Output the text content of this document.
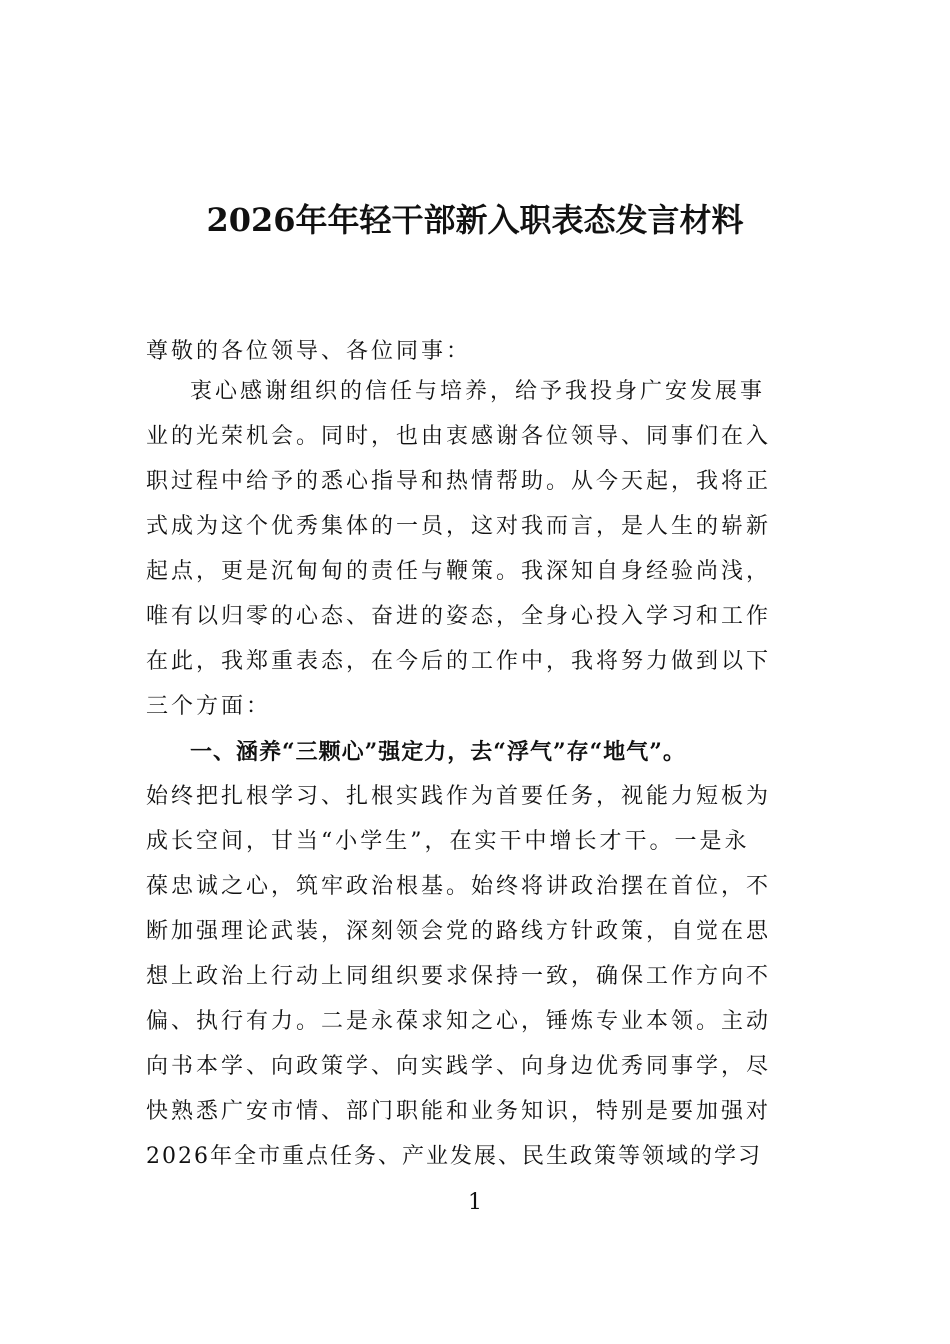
2026年年轻干部新入职表态发言材料
尊敬的各位领导、各位同事：
衷心感谢组织的信任与培养，给予我投身广安发展事
业的光荣机会。同时，也由衷感谢各位领导、同事们在入
职过程中给予的悉心指导和热情帮助。从今天起，我将正
式成为这个优秀集体的一员，这对我而言，是人生的崭新
起点，更是沉甸甸的责任与鞭策。我深知自身经验尚浅，
唯有以归零的心态、奋进的姿态，全身心投入学习和工作
在此，我郑重表态，在今后的工作中，我将努力做到以下
三个方面：
一、涵养“三颗心”强定力，去“浮气”存“地气”。
始终把扎根学习、扎根实践作为首要任务，视能力短板为
成长空间，甘当“小学生”，在实干中增长才干。一是永
葆忠诚之心，筑牢政治根基。始终将讲政治摆在首位，不
断加强理论武装，深刻领会党的路线方针政策，自觉在思
想上政治上行动上同组织要求保持一致，确保工作方向不
偏、执行有力。二是永葆求知之心，锤炼专业本领。主动
向书本学、向政策学、向实践学、向身边优秀同事学，尽
快熟悉广安市情、部门职能和业务知识，特别是要加强对
2026年全市重点任务、产业发展、民生政策等领域的学习
1
